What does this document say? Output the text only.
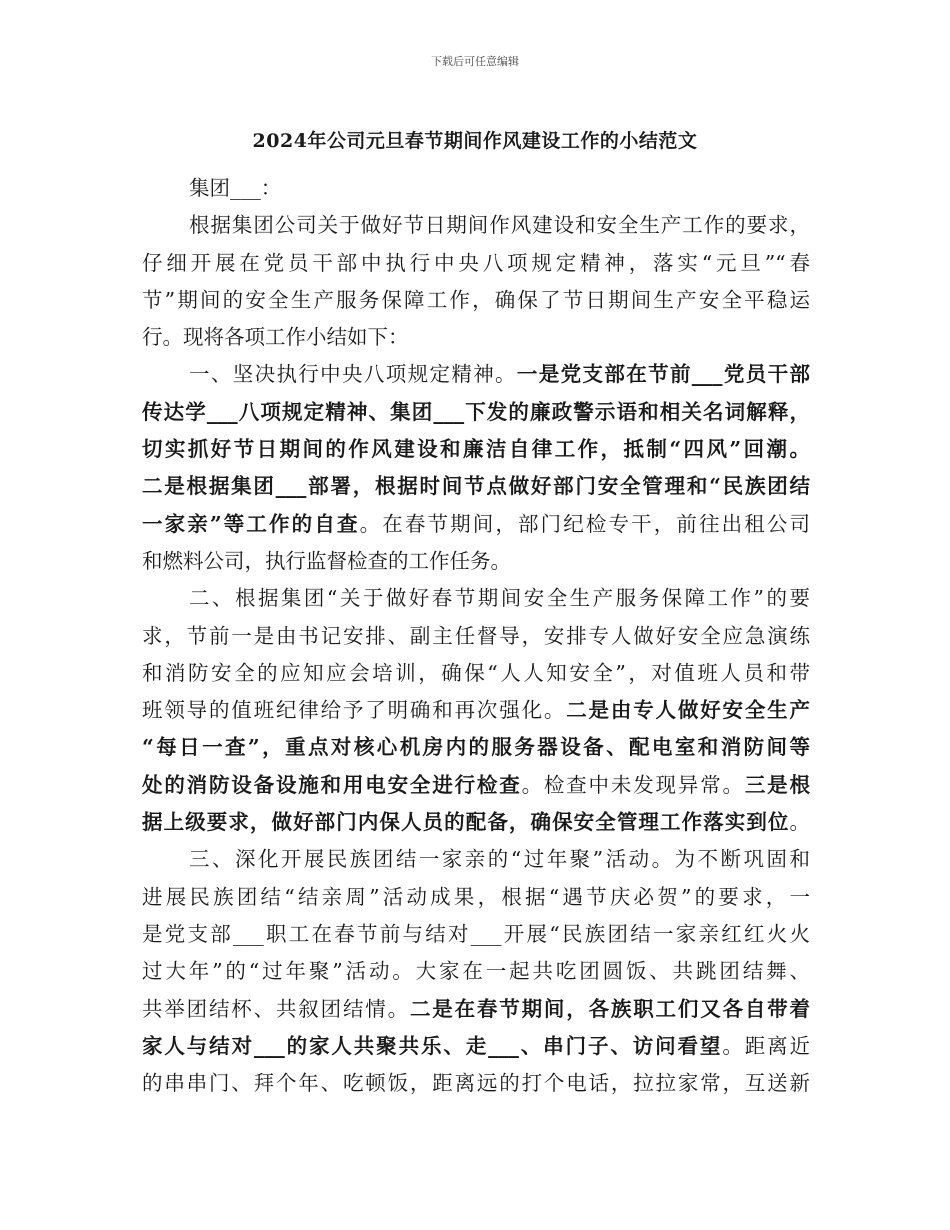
下载后可任意编辑
2024年公司元旦春节期间作风建设工作的小结范文
集团___：
根据集团公司关于做好节日期间作风建设和安全生产工作的要求，
仔细开展在党员干部中执行中央八项规定精神，落实“元旦”“春
节”期间的安全生产服务保障工作，确保了节日期间生产安全平稳运
行。现将各项工作小结如下：
一、坚决执行中央八项规定精神。一是党支部在节前___党员干部
传达学___八项规定精神、集团___下发的廉政警示语和相关名词解释，
切实抓好节日期间的作风建设和廉洁自律工作，抵制“四风”回潮。
二是根据集团___部署，根据时间节点做好部门安全管理和“民族团结
一家亲”等工作的自查。在春节期间，部门纪检专干，前往出租公司
和燃料公司，执行监督检查的工作任务。
二、根据集团“关于做好春节期间安全生产服务保障工作”的要
求，节前一是由书记安排、副主任督导，安排专人做好安全应急演练
和消防安全的应知应会培训，确保“人人知安全”，对值班人员和带
班领导的值班纪律给予了明确和再次强化。二是由专人做好安全生产
“每日一查”，重点对核心机房内的服务器设备、配电室和消防间等
处的消防设备设施和用电安全进行检查。检查中未发现异常。三是根
据上级要求，做好部门内保人员的配备，确保安全管理工作落实到位。
三、深化开展民族团结一家亲的“过年聚”活动。为不断巩固和
进展民族团结“结亲周”活动成果，根据“遇节庆必贺”的要求，一
是党支部___职工在春节前与结对___开展“民族团结一家亲红红火火
过大年”的“过年聚”活动。大家在一起共吃团圆饭、共跳团结舞、
共举团结杯、共叙团结情。二是在春节期间，各族职工们又各自带着
家人与结对___的家人共聚共乐、走___、串门子、访问看望。距离近
的串串门、拜个年、吃顿饭，距离远的打个电话，拉拉家常，互送新
